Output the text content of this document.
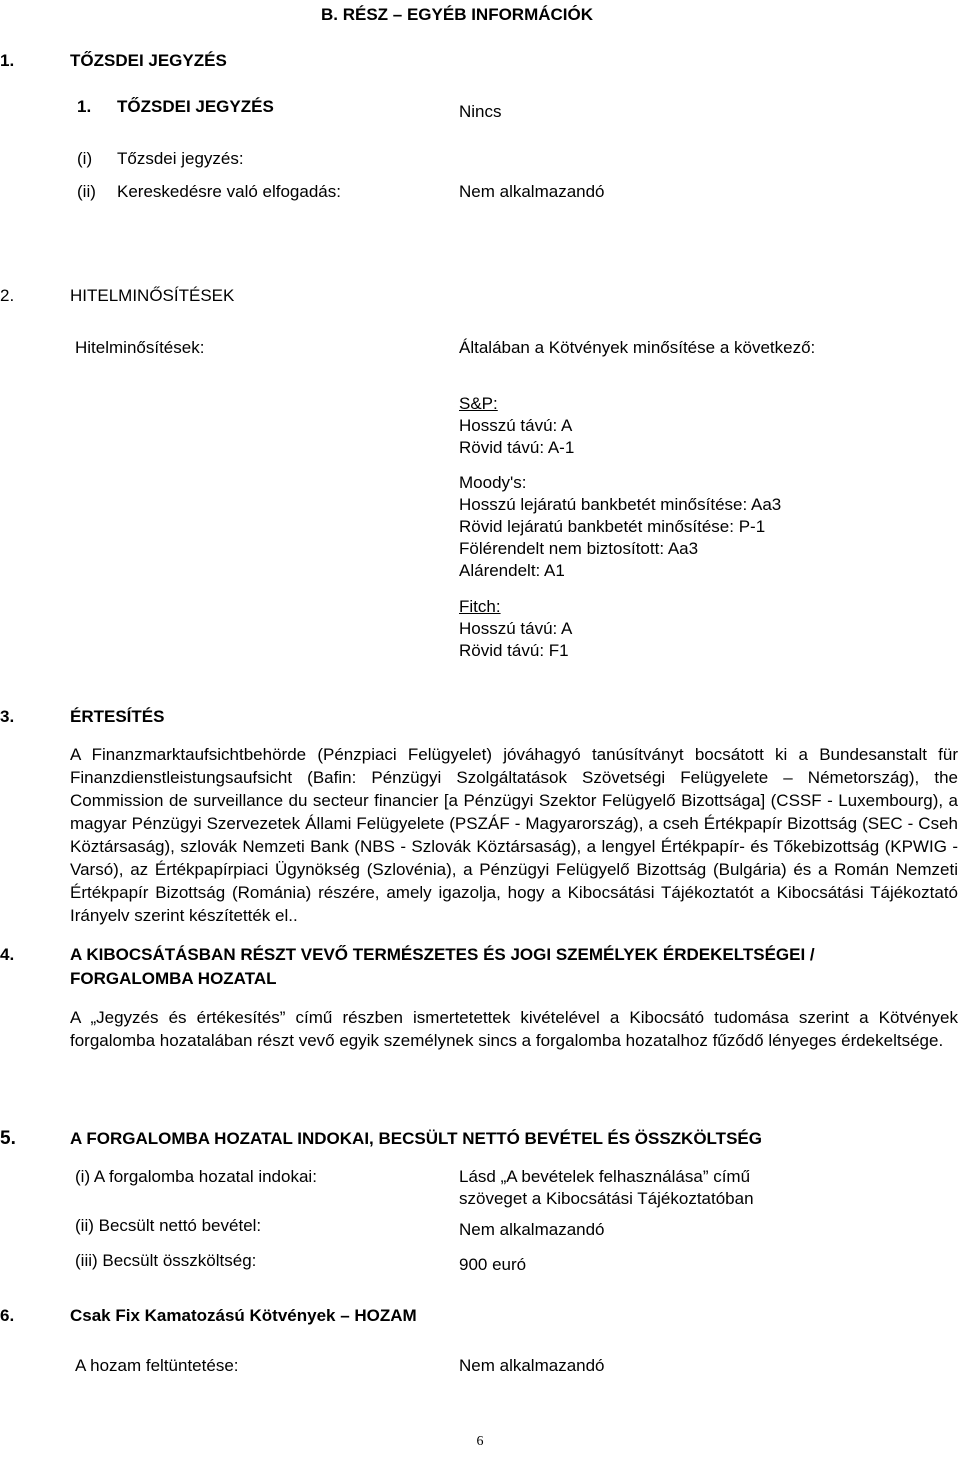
B. RÉSZ – EGYÉB INFORMÁCIÓK
1.	TŐZSDEI JEGYZÉS
1. TŐZSDEI JEGYZÉS	Nincs
(i) Tőzsdei jegyzés:
(ii) Kereskedésre való elfogadás:	Nem alkalmazandó
2.	HITELMINŐSÍTÉSEK
Hitelminősítések:	Általában a Kötvények minősítése a következő:
S&P:
Hosszú távú: A
Rövid távú: A-1
Moody's:
Hosszú lejáratú bankbetét minősítése: Aa3
Rövid lejáratú bankbetét minősítése: P-1
Fölérendelt nem biztosított: Aa3
Alárendelt: A1
Fitch:
Hosszú távú: A
Rövid távú: F1
3.	ÉRTESÍTÉS
A Finanzmarktaufsichtbehörde (Pénzpiaci Felügyelet) jóváhagyó tanúsítványt bocsátott ki a Bundesanstalt für Finanzdienstleistungsaufsicht (Bafin: Pénzügyi Szolgáltatások Szövetségi Felügyelete – Németország), the Commission de surveillance du secteur financier [a Pénzügyi Szektor Felügyelő Bizottsága] (CSSF - Luxembourg), a magyar Pénzügyi Szervezetek Állami Felügyelete (PSZÁF - Magyarország), a cseh Értékpapír Bizottság (SEC - Cseh Köztársaság), szlovák Nemzeti Bank (NBS - Szlovák Köztársaság), a lengyel Értékpapír- és Tőkebizottság (KPWIG - Varsó), az Értékpapírpiaci Ügynökség (Szlovénia), a Pénzügyi Felügyelő Bizottság (Bulgária) és a Román Nemzeti Értékpapír Bizottság (Románia) részére, amely igazolja, hogy a Kibocsátási Tájékoztatót a Kibocsátási Tájékoztató Irányelv szerint készítették el..
4.	A KIBOCSÁTÁSBAN RÉSZT VEVŐ TERMÉSZETES ÉS JOGI SZEMÉLYEK ÉRDEKELTSÉGEI /
FORGALOMBA HOZATAL
A „Jegyzés és értékesítés” című részben ismertetettek kivételével a Kibocsátó tudomása szerint a Kötvények forgalomba hozatalában részt vevő egyik személynek sincs a forgalomba hozatalhoz fűződő lényeges érdekeltsége.
5.	A FORGALOMBA HOZATAL INDOKAI, BECSÜLT NETTÓ BEVÉTEL ÉS ÖSSZKÖLTSÉG
(i) A forgalomba hozatal indokai:	Lásd „A bevételek felhasználása” című
szöveget a Kibocsátási Tájékoztatóban
(ii) Becsült nettó bevétel:	Nem alkalmazandó
(iii) Becsült összköltség:	900 euró
6.	Csak Fix Kamatozású Kötvények – HOZAM
A hozam feltüntetése:	Nem alkalmazandó
6
